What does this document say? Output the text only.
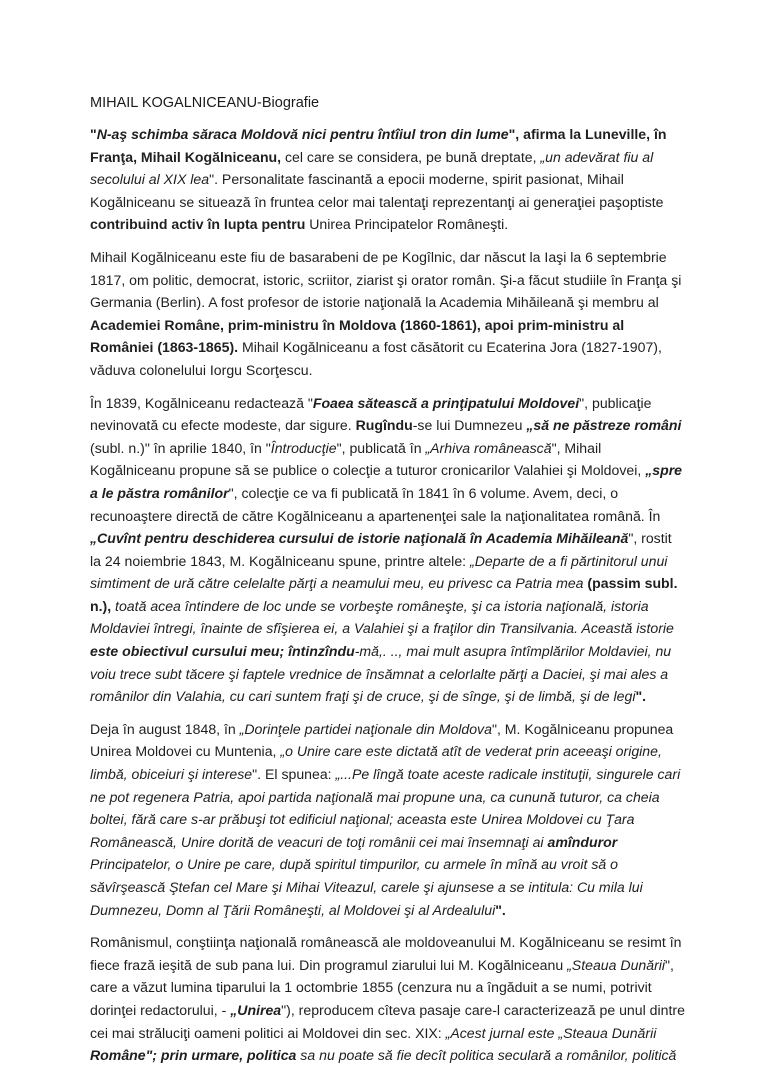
MIHAIL KOGALNICEANU-Biografie

"N-aş schimba săraca Moldovă nici pentru întîiul tron din lume", afirma la Luneville, în Franţa, Mihail Kogălniceanu, cel care se considera, pe bună dreptate, „un adevărat fiu al secolului al XIX lea". Personalitate fascinantă a epocii moderne, spirit pasionat, Mihail Kogălniceanu se situează în fruntea celor mai talentaţi reprezentanţi ai generaţiei paşoptiste contribuind activ în lupta pentru Unirea Principatelor Româneşti.

Mihail Kogălniceanu este fiu de basarabeni de pe Kogîlnic, dar născut la Iaşi la 6 septembrie 1817, om politic, democrat, istoric, scriitor, ziarist şi orator român. Şi-a făcut studiile în Franţa şi Germania (Berlin). A fost profesor de istorie naţională la Academia Mihăileană şi membru al Academiei Române, prim-ministru în Moldova (1860-1861), apoi prim-ministru al României (1863-1865). Mihail Kogălniceanu a fost căsătorit cu Ecaterina Jora (1827-1907), văduva colonelului Iorgu Scorţescu.

În 1839, Kogălniceanu redactează "Foaea sătească a prinţipatului Moldovei", publicaţie nevinovată cu efecte modeste, dar sigure. Rugîndu-se lui Dumnezeu „să ne păstreze români (subl. n.)" în aprilie 1840, în "Întroducţie", publicată în „Arhiva românească", Mihail Kogălniceanu propune să se publice o colecţie a tuturor cronicarilor Valahiei şi Moldovei, „spre a le păstra românilor", colecţie ce va fi publicată în 1841 în 6 volume. Avem, deci, o recunoaştere directă de către Kogălniceanu a apartenenţei sale la naţionalitatea română. În „Cuvînt pentru deschiderea cursului de istorie naţională în Academia Mihăileană", rostit la 24 noiembrie 1843, M. Kogălniceanu spune, printre altele: „Departe de a fi părtinitorul unui simtiment de ură către celelalte părţi a neamului meu, eu privesc ca Patria mea (passim subl. n.), toată acea întindere de loc unde se vorbeşte româneşte, şi ca istoria naţională, istoria Moldaviei întregi, înainte de sfîşierea ei, a Valahiei şi a fraţilor din Transilvania. Această istorie este obiectivul cursului meu; întinzîndu-mă,. .., mai mult asupra întîmplărilor Moldaviei, nu voiu trece subt tăcere şi faptele vrednice de însămnat a celorlalte părţi a Daciei, şi mai ales a românilor din Valahia, cu cari suntem fraţi şi de cruce, şi de sînge, şi de limbă, şi de legi".

Deja în august 1848, în „Dorinţele partidei naţionale din Moldova", M. Kogălniceanu propunea Unirea Moldovei cu Muntenia, „o Unire care este dictată atît de vederat prin aceeaşi origine, limbă, obiceiuri şi interese". El spunea: „...Pe lîngă toate aceste radicale instituţii, singurele cari ne pot regenera Patria, apoi partida naţională mai propune una, ca cunună tuturor, ca cheia boltei, fără care s-ar prăbuşi tot edificiul naţional; aceasta este Unirea Moldovei cu Ţara Românească, Unire dorită de veacuri de toţi românii cei mai însemnaţi ai amînduror Principatelor, o Unire pe care, după spiritul timpurilor, cu armele în mînă au vroit să o săvîrşească Ştefan cel Mare şi Mihai Viteazul, carele şi ajunsese a se intitula: Cu mila lui Dumnezeu, Domn al Ţării Româneşti, al Moldovei şi al Ardealului".

Românismul, conştiinţa naţională românească ale moldoveanului M. Kogălniceanu se resimt în fiece frază ieşită de sub pana lui. Din programul ziarului lui M. Kogălniceanu „Steaua Dunării", care a văzut lumina tiparului la 1 octombrie 1855 (cenzura nu a îngăduit a se numi, potrivit dorinţei redactorului, - „Unirea"), reproducem cîteva pasaje care-l caracterizează pe unul dintre cei mai străluciţi oameni politici ai Moldovei din sec. XIX: „Acest jurnal este „Steaua Dunării Române"; prin urmare, politica sa nu poate să fie decît politica seculară a românilor, politică
